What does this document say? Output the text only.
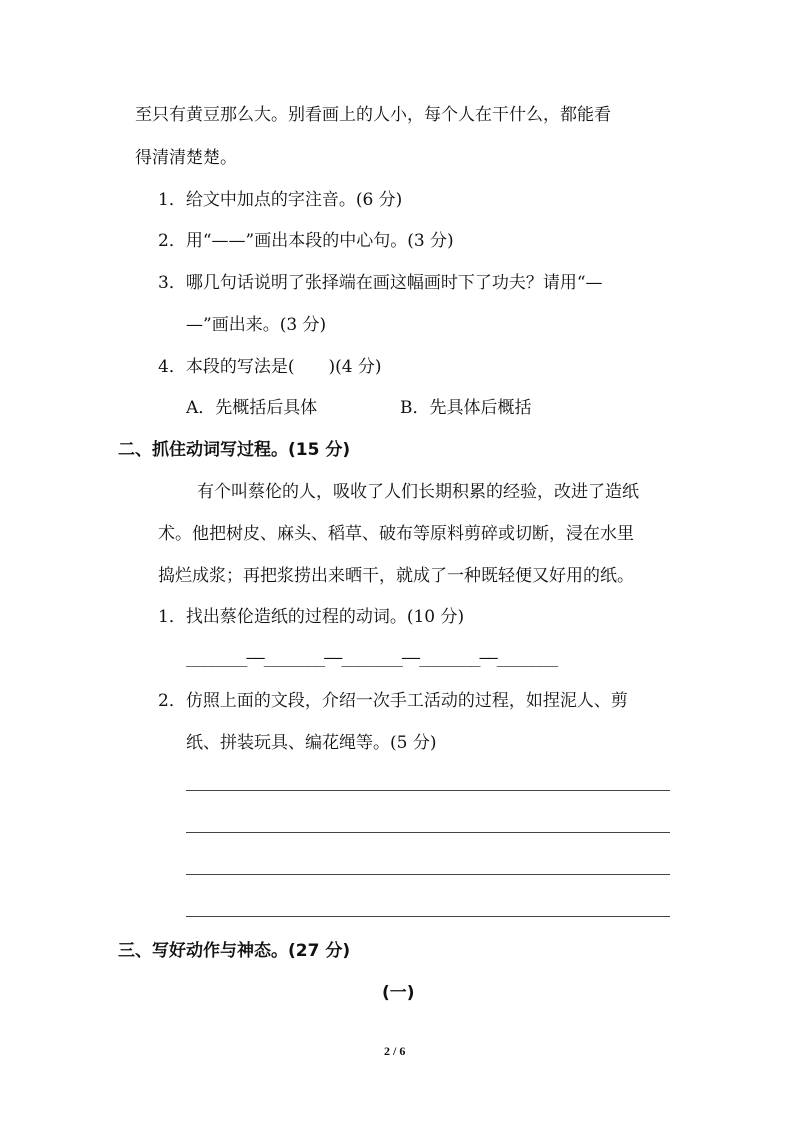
至只有黄豆那么大。别看画上的人小，每个人在干什么，都能看
得清清楚楚。
1．给文中加点的字注音。(6 分)
2．用“——”画出本段的中心句。(3 分)
3．哪几句话说明了张择端在画这幅画时下了功夫？请用“—
—”画出来。(3 分)
4．本段的写法是(　　)(4 分)
A．先概括后具体	B．先具体后概括
二、抓住动词写过程。(15 分)
有个叫蔡伦的人，吸收了人们长期积累的经验，改进了造纸
术。他把树皮、麻头、稻草、破布等原料剪碎或切断，浸在水里
捣烂成浆；再把浆捞出来晒干，就成了一种既轻便又好用的纸。
1．找出蔡伦造纸的过程的动词。(10 分)
_______——_______——_______——_______——_______
2．仿照上面的文段，介绍一次手工活动的过程，如捏泥人、剪
纸、拼装玩具、编花绳等。(5 分)
三、写好动作与神态。(27 分)
(一)
2 / 6
